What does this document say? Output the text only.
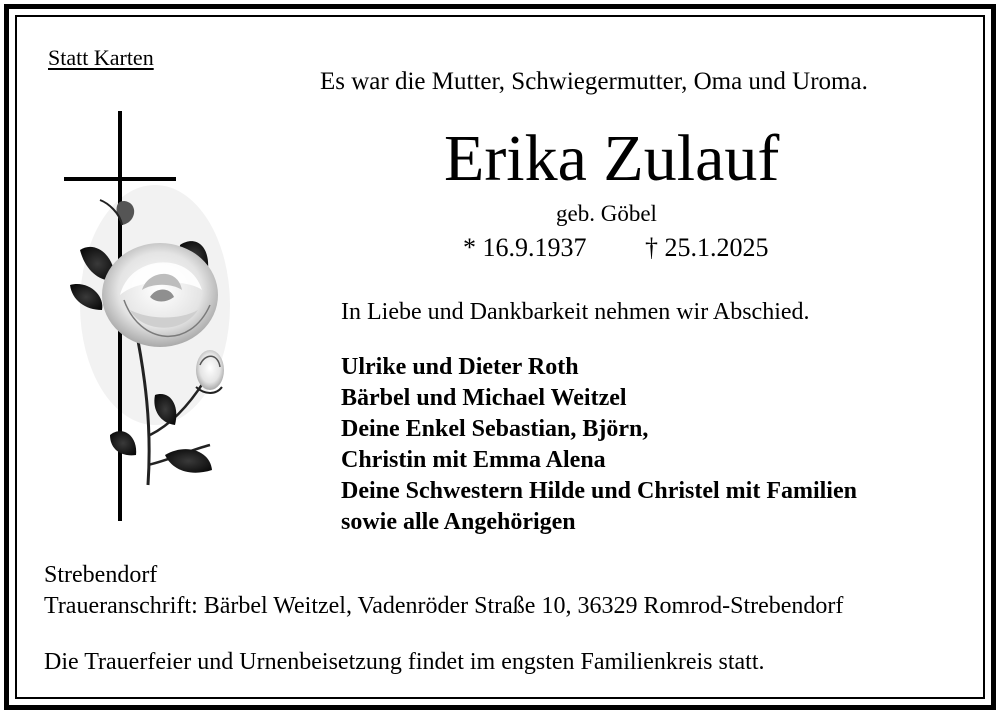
Statt Karten
Es war die Mutter, Schwiegermutter, Oma und Uroma.
Erika Zulauf
geb. Göbel
* 16.9.1937 † 25.1.2025
In Liebe und Dankbarkeit nehmen wir Abschied.
Ulrike und Dieter Roth
Bärbel und Michael Weitzel
Deine Enkel Sebastian, Björn,
Christin mit Emma Alena
Deine Schwestern Hilde und Christel mit Familien
sowie alle Angehörigen
Strebendorf
Traueranschrift: Bärbel Weitzel, Vadenröder Straße 10, 36329 Romrod-Strebendorf
Die Trauerfeier und Urnenbeisetzung findet im engsten Familienkreis statt.
